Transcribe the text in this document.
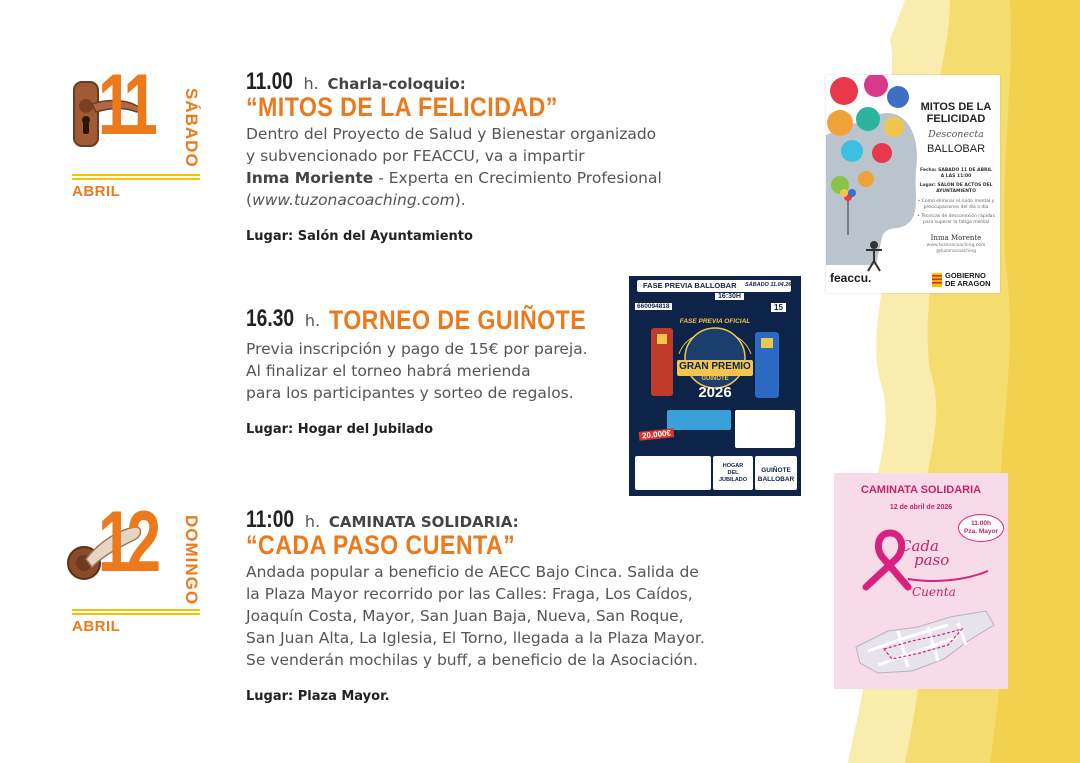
11 SÁBADO
ABRIL
11.00 h. Charla-coloquio:
“MITOS DE LA FELICIDAD”
Dentro del Proyecto de Salud y Bienestar organizado
y subvencionado por FEACCU, va a impartir
Inma Moriente - Experta en Crecimiento Profesional
(www.tuzonacoaching.com).
Lugar: Salón del Ayuntamiento
MITOS DE LA
FELICIDAD
Desconecta
BALLOBAR
Fecha: SABADO 11 DE ABRIL
A LAS 11:00
Lugar: SALON DE ACTOS DEL
AYUNTAMIENTO
• Como eliminar el ruido mental y
preocupaciones del día a día
• Técnicas de desconexión rápidas
para superar la fatiga mental
Inma Morente
www.tuzonacoaching.com
@tuzonacoaching
feaccu.	GOBIERNO
DE ARAGON
16.30 h. TORNEO DE GUIÑOTE
Previa inscripción y pago de 15€ por pareja.
Al finalizar el torneo habrá merienda
para los participantes y sorteo de regalos.
Lugar: Hogar del Jubilado
FASE PREVIA BALLOBAR SÁBADO 11.04.26
660094818
16:30H
15
FASE PREVIA OFICIAL
GRAN PREMIO
GUIÑOTE
2026
20.000€
HOGAR
DEL
JUBILADO
GUIÑOTE
BALLOBAR
12 DOMINGO
ABRIL
11:00 h. CAMINATA SOLIDARIA:
“CADA PASO CUENTA”
Andada popular a beneficio de AECC Bajo Cinca. Salida de
la Plaza Mayor recorrido por las Calles: Fraga, Los Caídos,
Joaquín Costa, Mayor, San Juan Baja, Nueva, San Roque,
San Juan Alta, La Iglesia, El Torno, llegada a la Plaza Mayor.
Se venderán mochilas y buff, a beneficio de la Asociación.
Lugar: Plaza Mayor.
CAMINATA SOLIDARIA
12 de abril de 2026
11.00h
Pza. Mayor
Cada
paso
Cuenta
